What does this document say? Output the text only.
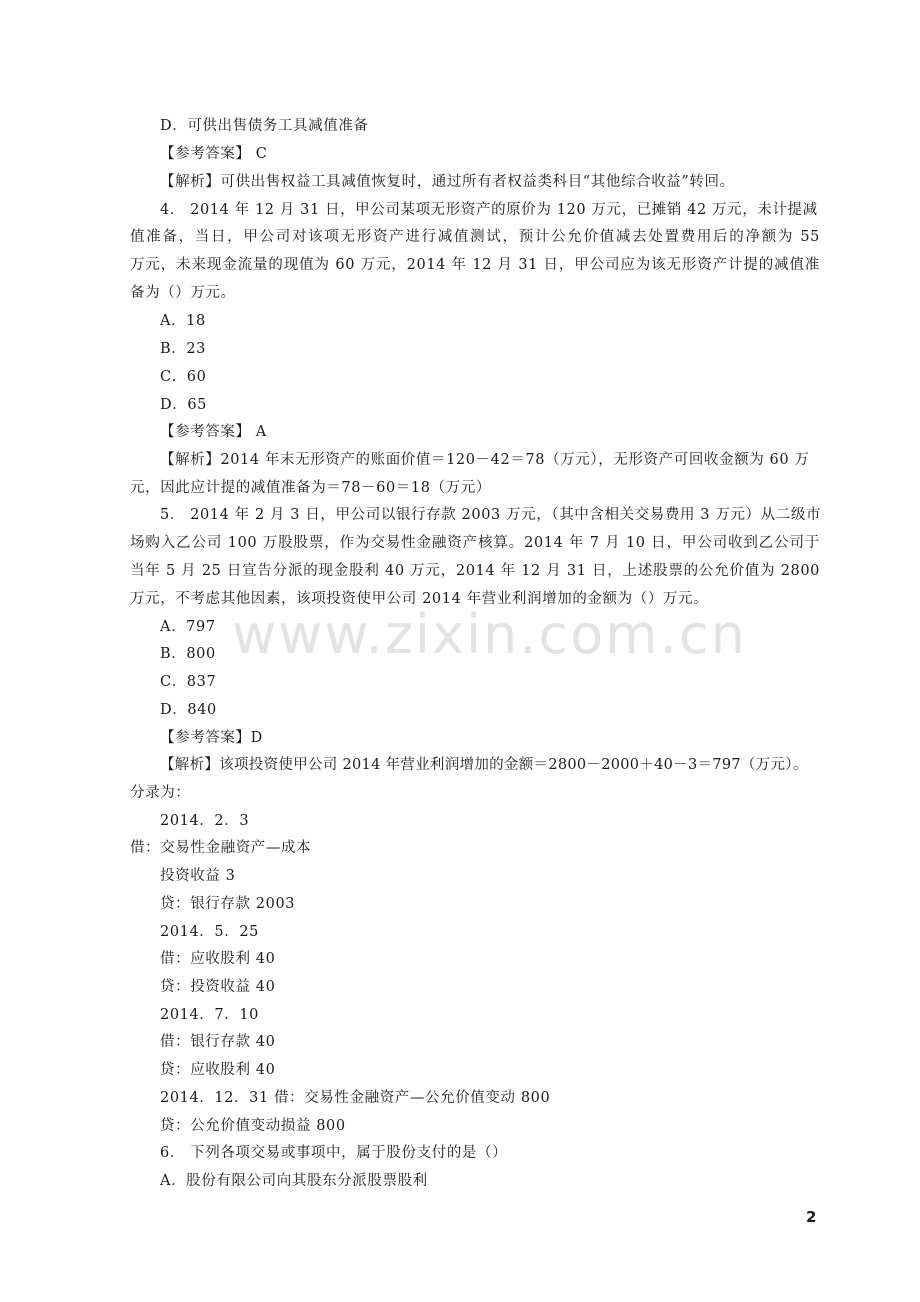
www.zixin.com.cn
D．可供出售债务工具减值准备
【参考答案】 C
【解析】可供出售权益工具减值恢复时，通过所有者权益类科目“其他综合收益”转回。
4． 2014 年 12 月 31 日，甲公司某项无形资产的原价为 120 万元，已摊销 42 万元，未计提减
值准备，当日，甲公司对该项无形资产进行减值测试，预计公允价值减去处置费用后的净额为 55
万元，未来现金流量的现值为 60 万元，2014 年 12 月 31 日，甲公司应为该无形资产计提的减值准
备为（）万元。
A．18
B．23
C．60
D．65
【参考答案】 A
【解析】2014 年末无形资产的账面价值＝120－42＝78（万元），无形资产可回收金额为 60 万
元，因此应计提的减值准备为＝78－60＝18（万元）
5． 2014 年 2 月 3 日，甲公司以银行存款 2003 万元，（其中含相关交易费用 3 万元）从二级市
场购入乙公司 100 万股股票，作为交易性金融资产核算。2014 年 7 月 10 日，甲公司收到乙公司于
当年 5 月 25 日宣告分派的现金股利 40 万元，2014 年 12 月 31 日，上述股票的公允价值为 2800
万元，不考虑其他因素，该项投资使甲公司 2014 年营业利润增加的金额为（）万元。
A．797
B．800
C．837
D．840
【参考答案】D
【解析】该项投资使甲公司 2014 年营业利润增加的金额＝2800－2000＋40－3＝797（万元）。
分录为：
2014．2．3
借：交易性金融资产—成本
投资收益 3
贷：银行存款 2003
2014．5．25
借：应收股利 40
贷：投资收益 40
2014．7．10
借：银行存款 40
贷：应收股利 40
2014．12．31 借：交易性金融资产—公允价值变动 800
贷：公允价值变动损益 800
6． 下列各项交易或事项中，属于股份支付的是（）
A．股份有限公司向其股东分派股票股利
2
